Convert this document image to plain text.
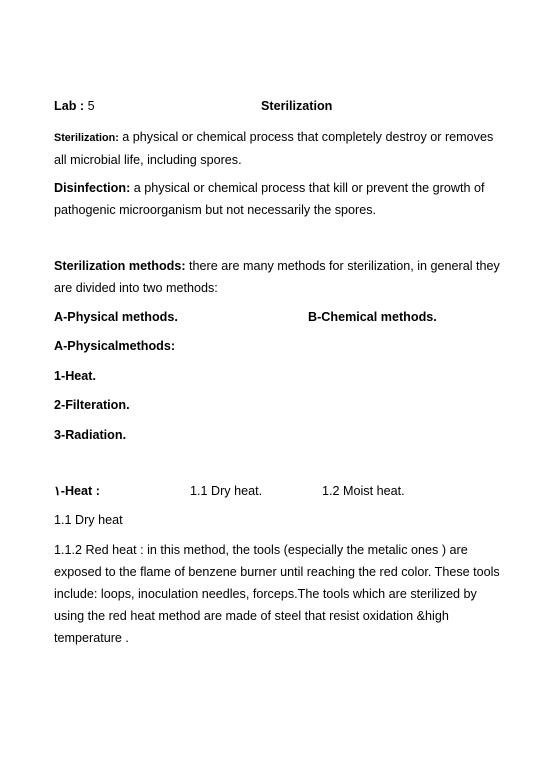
Lab : 5	Sterilization
Sterilization: a physical or chemical process that completely destroy or removes all microbial life, including spores.
Disinfection: a physical or chemical process that kill or prevent the growth of pathogenic microorganism but not necessarily the spores.
Sterilization methods: there are many methods for sterilization, in general they are divided into two methods:
A-Physical methods.	B-Chemical methods.
A-Physicalmethods:
1-Heat.
2-Filteration.
3-Radiation.
١-Heat :	1.1 Dry heat.	1.2 Moist heat.
1.1 Dry heat
1.1.2 Red heat : in this method, the tools (especially the metalic ones ) are exposed to the flame of benzene burner until reaching the red color. These tools include: loops, inoculation needles, forceps.The tools which are sterilized by using the red heat method are made of steel that resist oxidation &high temperature .
